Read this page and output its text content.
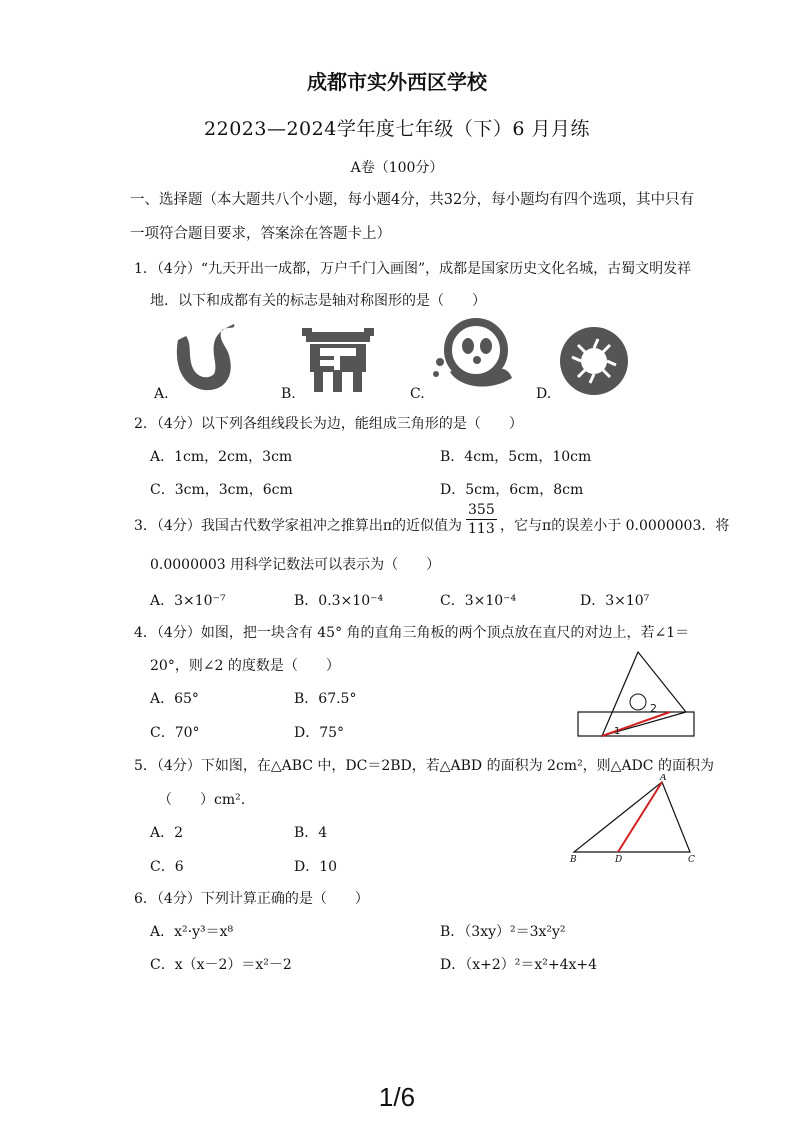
成都市实外西区学校
22023—2024学年度七年级（下）6 月月练
A卷（100分）
一、选择题（本大题共八个小题，每小题4分，共32分，每小题均有四个选项，其中只有
一项符合题目要求，答案涂在答题卡上）
1．（4分）“九天开出一成都，万户千门入画图”，成都是国家历史文化名城，古蜀文明发祥
地．以下和成都有关的标志是轴对称图形的是（　　）
A.	B.	C.	D.
2．（4分）以下列各组线段长为边，能组成三角形的是（　　）
A．1cm，2cm，3cm	B．4cm，5cm，10cm
C．3cm，3cm，6cm	D．5cm，6cm，8cm
3．（4分）我国古代数学家祖冲之推算出π的近似值为 $\frac{355}{113}$ ，它与π的误差小于 0.0000003．将
0.0000003 用科学记数法可以表示为（　　）
A．3×10⁻⁷	B．0.3×10⁻⁴	C．3×10⁻⁴	D．3×10⁷
4．（4分）如图，把一块含有 45° 角的直角三角板的两个顶点放在直尺的对边上，若∠1＝
20°，则∠2 的度数是（　　）
A．65°	B．67.5°
C．70°	D．75°
2
1
5．（4分）下如图，在△ABC 中，DC＝2BD，若△ABD 的面积为 2cm²，则△ADC 的面积为
（　　）cm².
A．2	B．4
C．6	D．10
A
B	D	C
6．（4分）下列计算正确的是（　　）
A．x²·y³＝x⁸	B．（3xy）²＝3x²y²
C．x（x－2）＝x²－2	D．（x+2）²＝x²+4x+4
1/6
